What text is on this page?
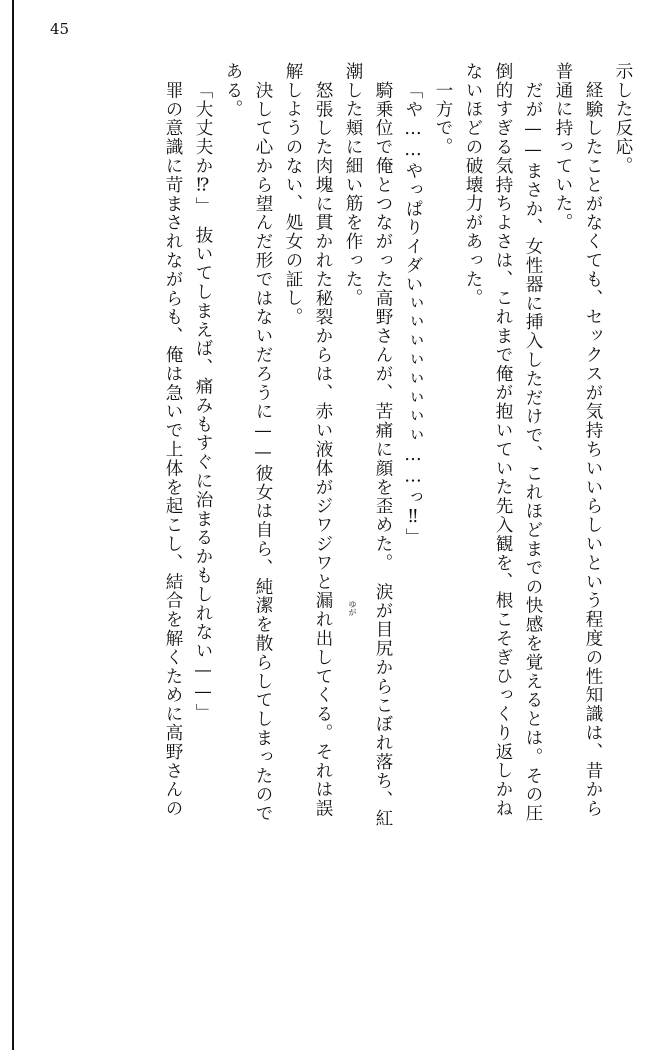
45
示した反応。
経験したことがなくても、セックスが気持ちいいらしいという程度の性知識は、昔から
普通に持っていた。
だが——まさか、女性器に挿入しただけで、これほどまでの快感を覚えるとは。その圧
倒的すぎる気持ちよさは、これまで俺が抱いていた先入観を、根こそぎひっくり返しかね
ないほどの破壊力があった。
一方で。
「や……やっぱりイダいぃぃぃぃぃぃぃぃ……っ‼」
騎乗位で俺とつながった高野さんが、苦痛に顔を歪めた。　涙が目尻からこぼれ落ち、紅
潮した頬に細い筋を作った。
怒張した肉塊に貫かれた秘裂からは、赤い液体がジワジワと漏れ出してくる。それは誤
解しようのない、処女の証し。
決して心から望んだ形ではないだろうに——彼女は自ら、純潔を散らしてしまったので
ある。
「大丈夫か⁉」　抜いてしまえば、痛みもすぐに治まるかもしれない——」
罪の意識に苛まされながらも、俺は急いで上体を起こし、結合を解くために高野さんの	ゆが
